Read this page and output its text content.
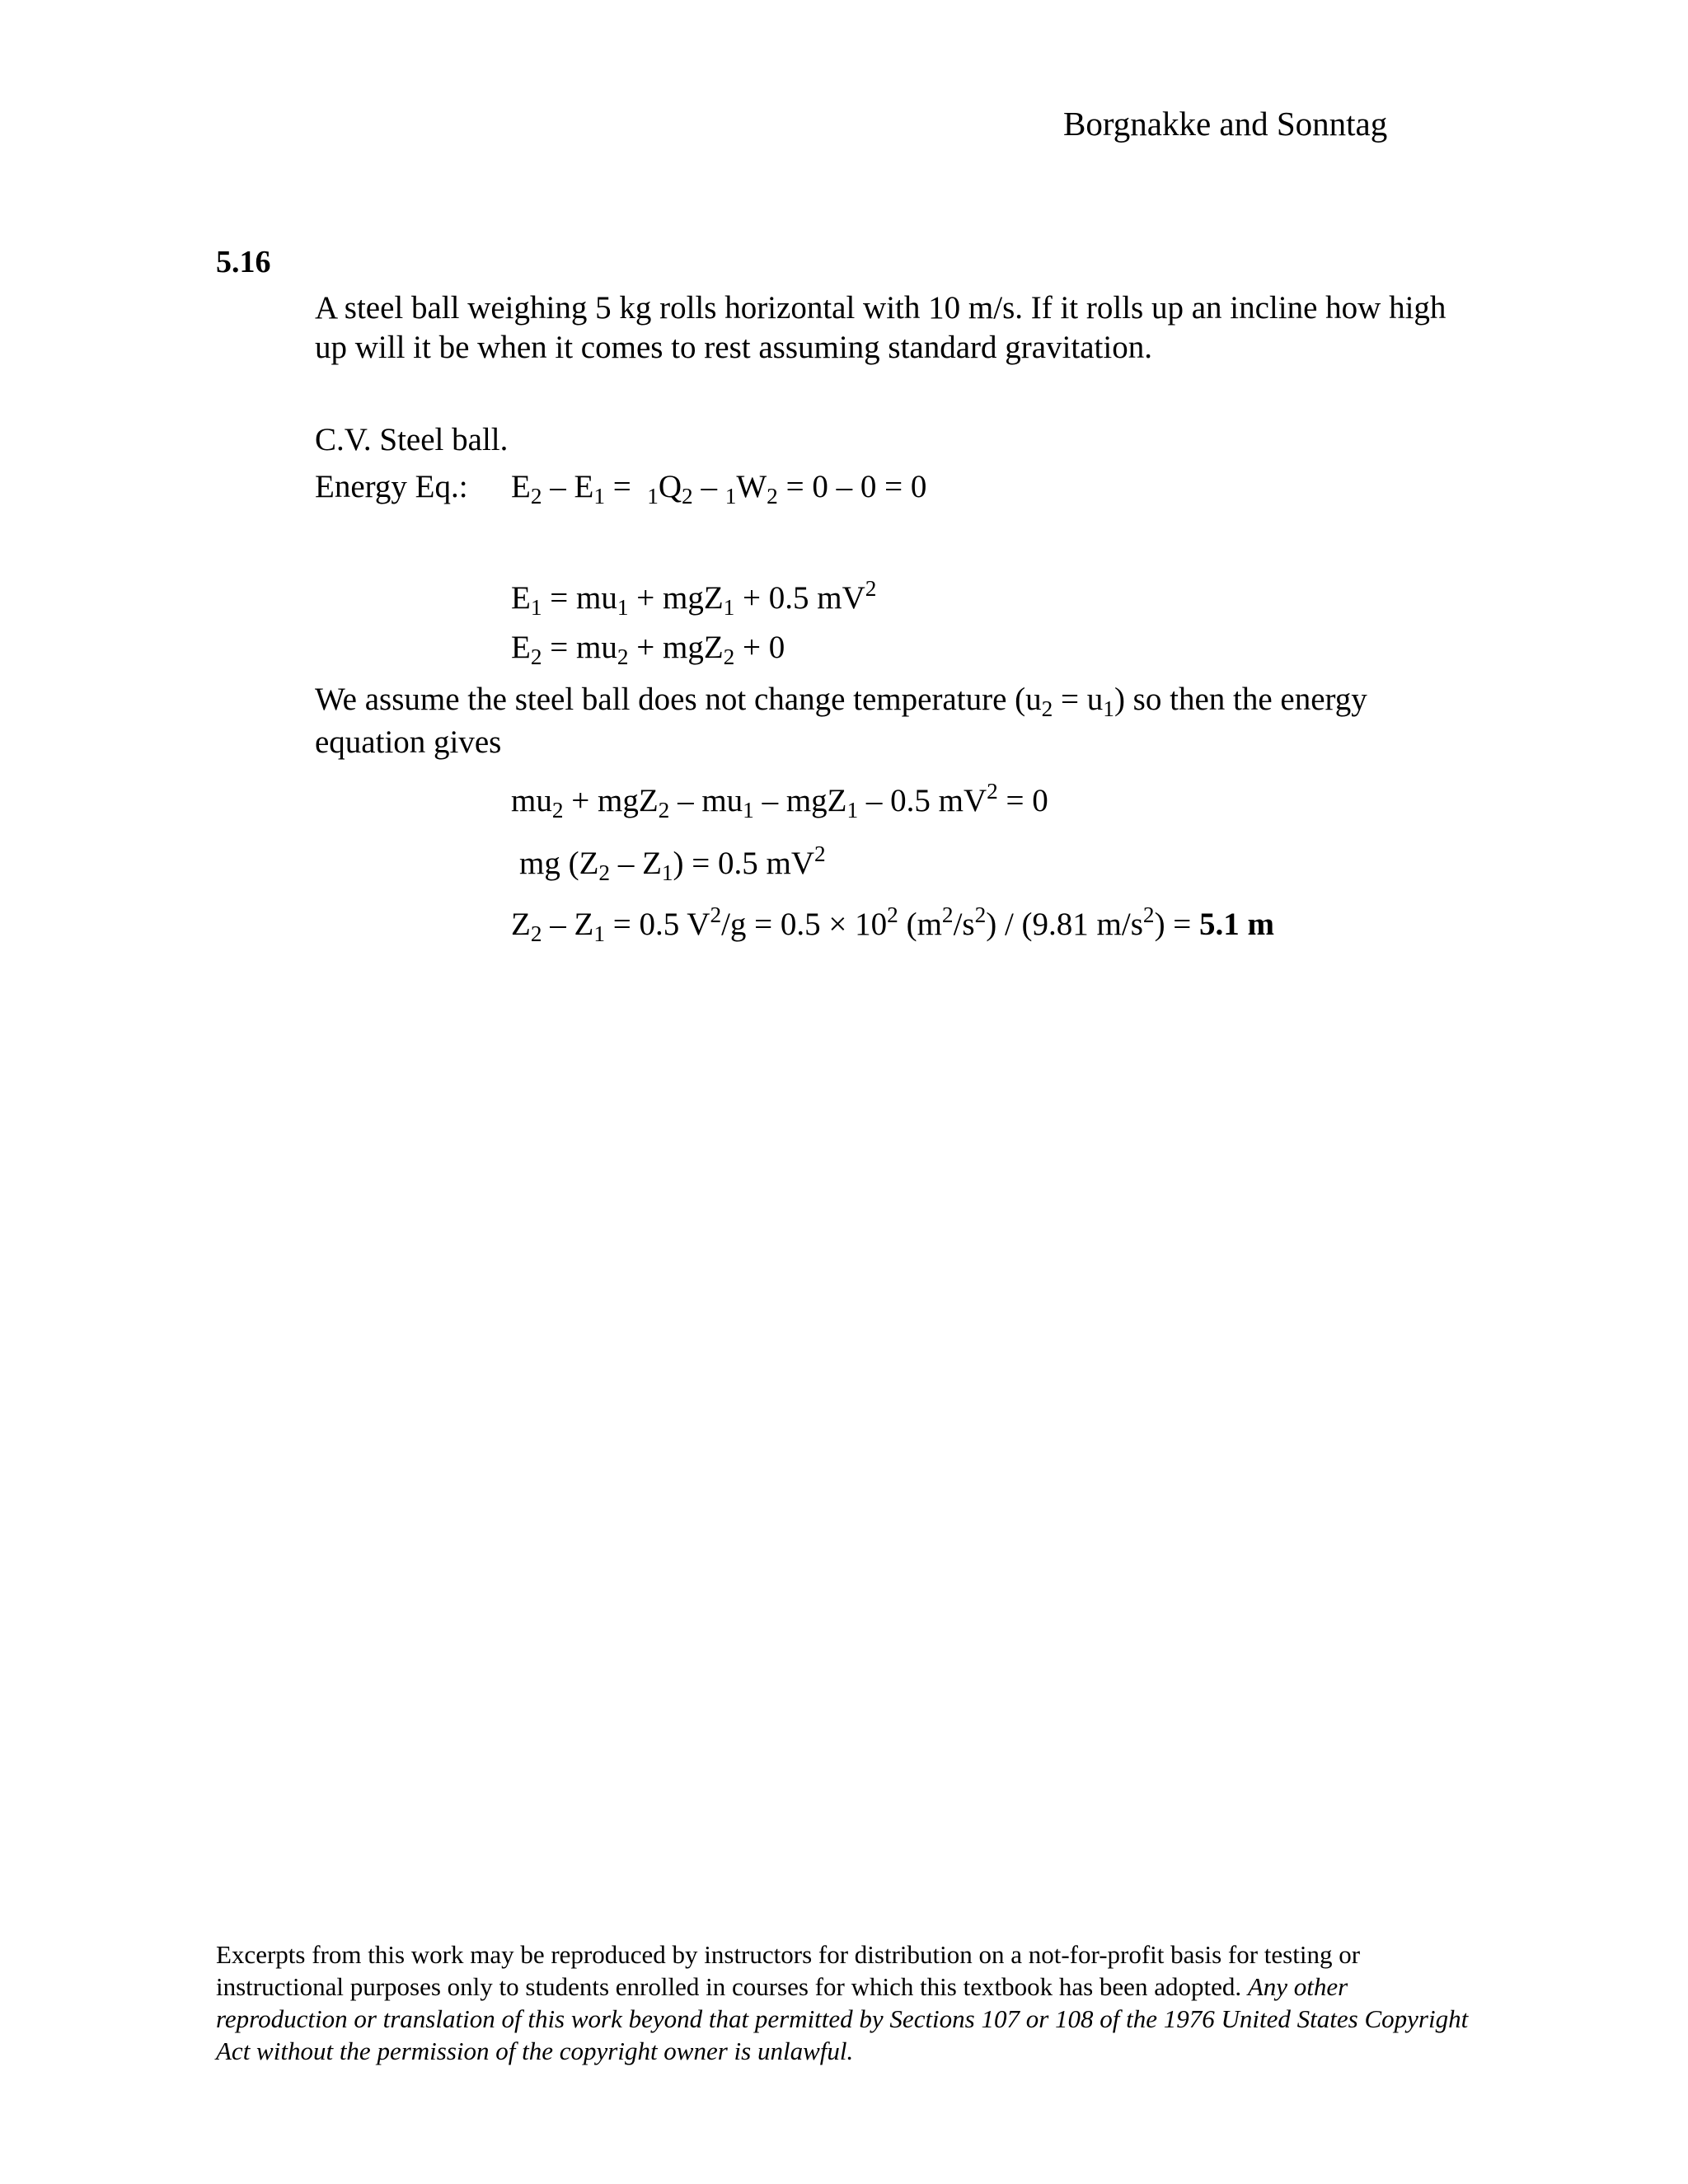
Borgnakke and Sonntag
5.16
A steel ball weighing 5 kg rolls horizontal with 10 m/s. If it rolls up an incline how high up will it be when it comes to rest assuming standard gravitation.
C.V. Steel ball.
Energy Eq.: $E_2 - E_1 = _1Q_2 - _1W_2 = 0 - 0 = 0$
$E_1 = mu_1 + mgZ_1 + 0.5$ $mV^2$
$E_2 = mu_2 + mgZ_2 + 0$
We assume the steel ball does not change temperature $(u_2 = u_1)$ so then the energy equation gives
$mu_2 + mgZ_2 - mu_1 - mgZ_1 - 0.5$ $mV^2 = 0$
mg $(Z_2 - Z_1) = 0.5$ $mV^2$
$Z_2 - Z_1 = 0.5$ $V^2/g = 0.5 \times 10^2$ $(m^2/s^2) / (9.81$ $m/s^2) = 5.1$ m
Excerpts from this work may be reproduced by instructors for distribution on a not-for-profit basis for testing or instructional purposes only to students enrolled in courses for which this textbook has been adopted. Any other reproduction or translation of this work beyond that permitted by Sections 107 or 108 of the 1976 United States Copyright Act without the permission of the copyright owner is unlawful.
